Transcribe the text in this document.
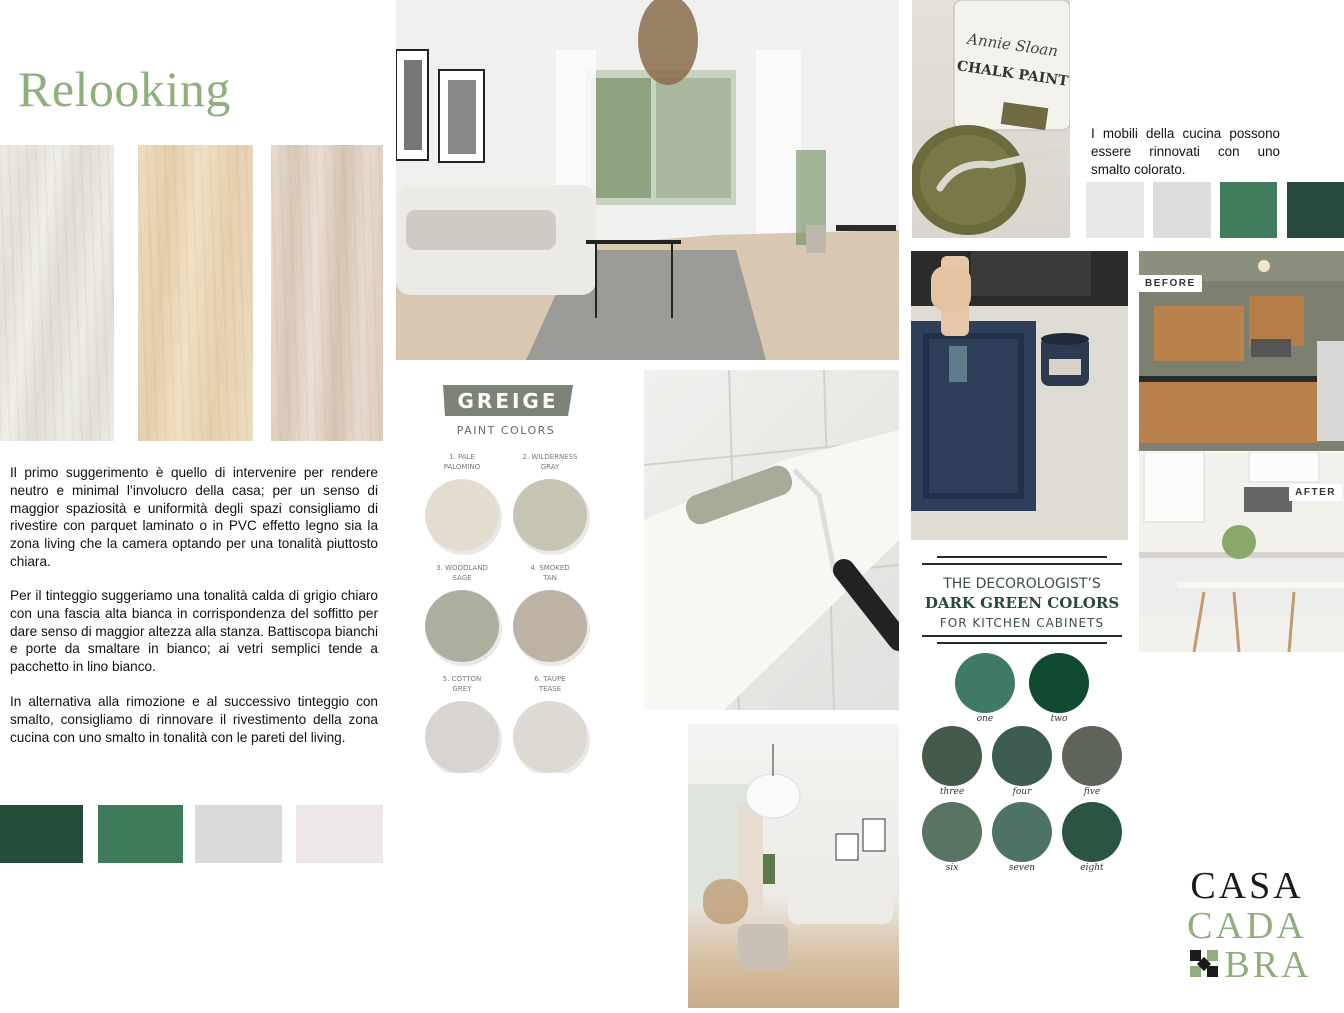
Relooking
Il primo suggerimento è quello di intervenire per rendere neutro e minimal l’involucro della casa; per un senso di maggior spaziosità e uniformità degli spazi consigliamo di rivestire con parquet laminato o in PVC effetto legno sia la zona living che la camera optando per una tonalità piuttosto chiara.
Per il tinteggio suggeriamo una tonalità calda di grigio chiaro con una fascia alta bianca in corrispondenza del soffitto per dare senso di maggior altezza alla stanza. Battiscopa bianchi e porte da smaltare in bianco; ai vetri semplici tende a pacchetto in lino bianco.
In alternativa alla rimozione e al successivo tinteggio con smalto, consigliamo di rinnovare il rivestimento della zona cucina con uno smalto in tonalità con le pareti del living.
GREIGE
PAINT COLORS
1. PALE
PALOMINO
2. WILDERNESS
GRAY
3. WOODLAND
SAGE
4. SMOKED
TAN
5. COTTON
GREY
6. TAUPE
TEASE
Annie Sloan
CHALK PAINT
I mobili della cucina possono essere rinnovati con uno smalto colorato.
BEFORE
AFTER
THE DECOROLOGIST’S
DARK GREEN COLORS
FOR KITCHEN CABINETS
one	two
three	four	five
six	seven	eight CASA
CADA
BRA
